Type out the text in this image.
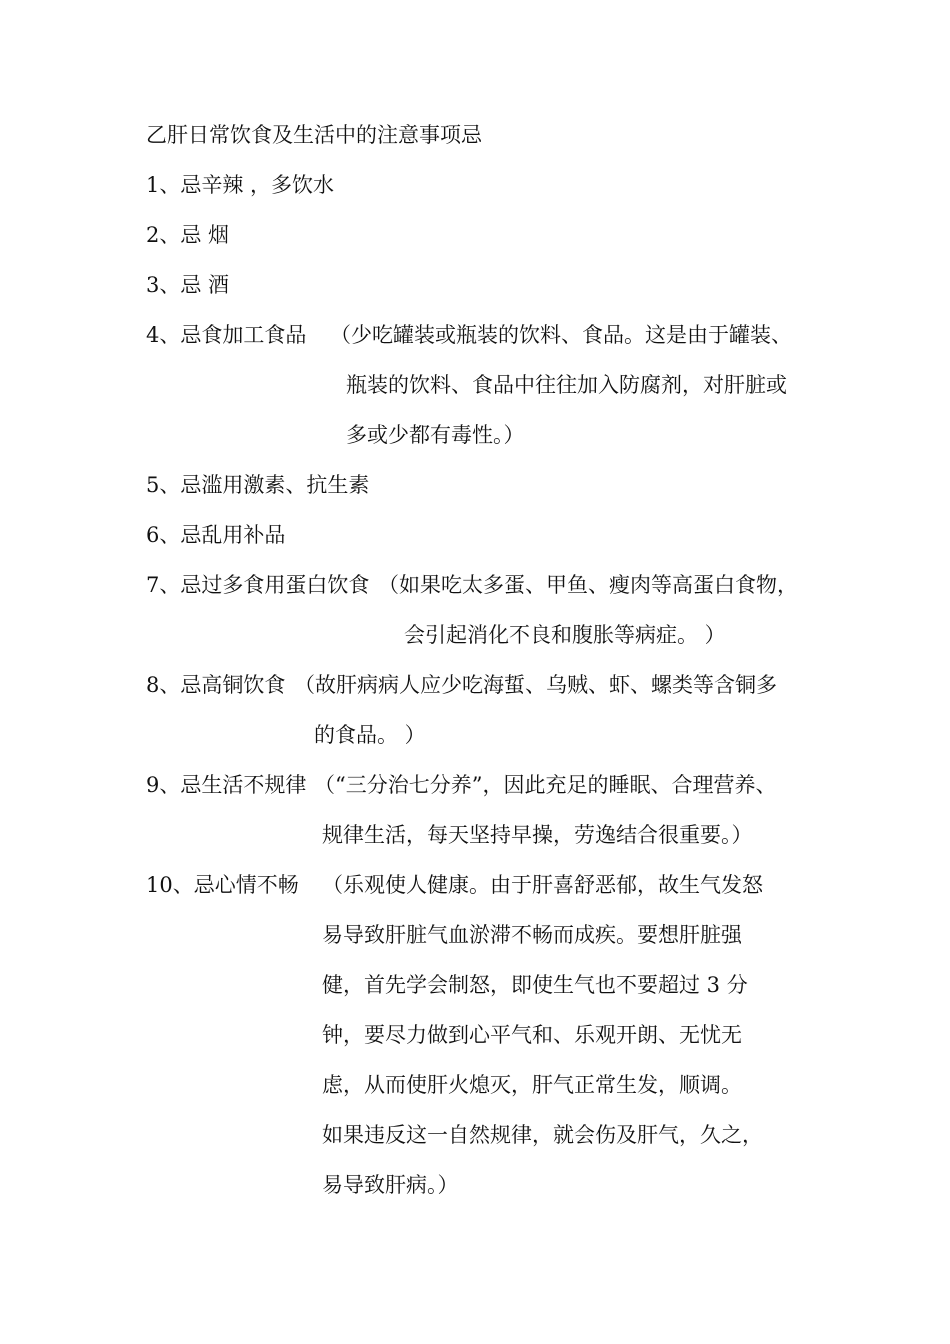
乙肝日常饮食及生活中的注意事项忌
1、忌辛辣 ，多饮水
2、忌 烟
3、忌 酒
4、忌食加工食品 （少吃罐装或瓶装的饮料、食品。这是由于罐装、
瓶装的饮料、食品中往往加入防腐剂，对肝脏或
多或少都有毒性。）
5、忌滥用激素、抗生素
6、忌乱用补品
7、忌过多食用蛋白饮食 （如果吃太多蛋、甲鱼、瘦肉等高蛋白食物，
会引起消化不良和腹胀等病症。 ）
8、忌高铜饮食 （故肝病病人应少吃海蜇、乌贼、虾、螺类等含铜多
的食品。 ）
9、忌生活不规律 （“三分治七分养”，因此充足的睡眠、合理营养、
规律生活，每天坚持早操，劳逸结合很重要。）
10、忌心情不畅 （乐观使人健康。由于肝喜舒恶郁，故生气发怒
易导致肝脏气血淤滞不畅而成疾。要想肝脏强
健，首先学会制怒，即使生气也不要超过 3 分
钟，要尽力做到心平气和、乐观开朗、无忧无
虑，从而使肝火熄灭，肝气正常生发，顺调。
如果违反这一自然规律，就会伤及肝气，久之，
易导致肝病。）
